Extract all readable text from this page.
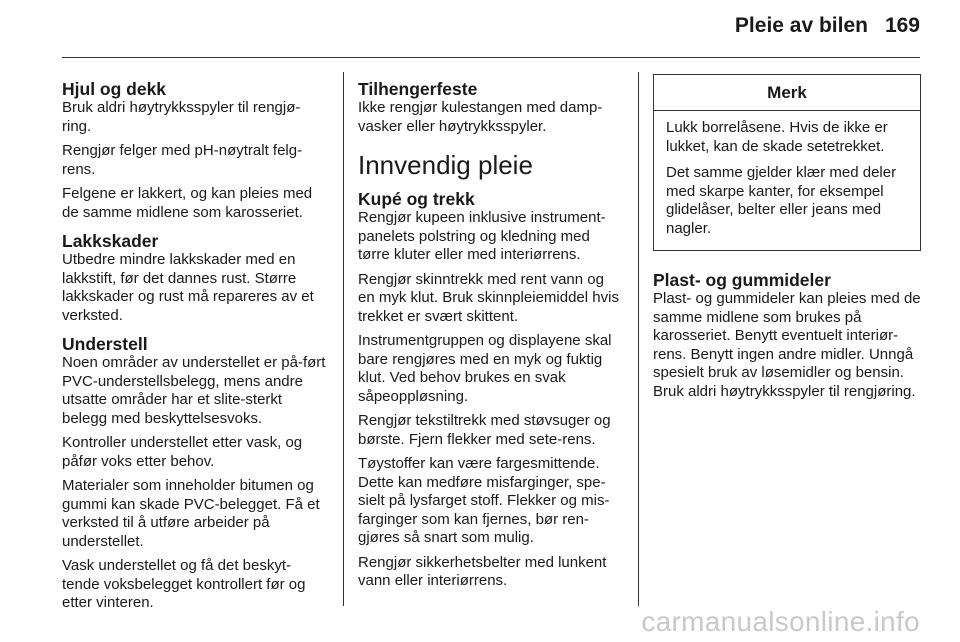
Pleie av bilen 169
Hjul og dekk

Bruk aldri høytrykksspyler til rengjø-ring.

Rengjør felger med pH-nøytralt felg-rens.

Felgene er lakkert, og kan pleies med de samme midlene som karosseriet.

Lakkskader

Utbedre mindre lakkskader med en lakkstift, før det dannes rust. Større lakkskader og rust må repareres av et verksted.

Understell

Noen områder av understellet er på-ført PVC-understellsbelegg, mens andre utsatte områder har et slite-sterkt belegg med beskyttelsesvoks.

Kontroller understellet etter vask, og påfør voks etter behov.

Materialer som inneholder bitumen og gummi kan skade PVC-belegget. Få et verksted til å utføre arbeider på understellet.

Vask understellet og få det beskyt-tende voksbelegget kontrollert før og etter vinteren.

Tilhengerfeste

Ikke rengjør kulestangen med damp-vasker eller høytrykksspyler.

Innvendig pleie
Kupé og trekk

Rengjør kupeen inklusive instrument-panelets polstring og kledning med tørre kluter eller med interiørrens.

Rengjør skinntrekk med rent vann og en myk klut. Bruk skinnpleiemiddel hvis trekket er svært skittent.

Instrumentgruppen og displayene skal bare rengjøres med en myk og fuktig klut. Ved behov brukes en svak såpeoppløsning.

Rengjør tekstiltrekk med støvsuger og børste. Fjern flekker med sete-rens.

Tøystoffer kan være fargesmittende. Dette kan medføre misfarginger, spe-sielt på lysfarget stoff. Flekker og mis-farginger som kan fjernes, bør ren-gjøres så snart som mulig.

Rengjør sikkerhetsbelter med lunkent vann eller interiørrens.

Merk

Lukk borrelåsene. Hvis de ikke er lukket, kan de skade setetrekket.

Det samme gjelder klær med deler med skarpe kanter, for eksempel glidelåser, belter eller jeans med nagler.

Plast- og gummideler

Plast- og gummideler kan pleies med de samme midlene som brukes på karosseriet. Benytt eventuelt interiør-rens. Benytt ingen andre midler. Unngå spesielt bruk av løsemidler og bensin. Bruk aldri høytrykksspyler til rengjøring.

carmanualsonline.info
